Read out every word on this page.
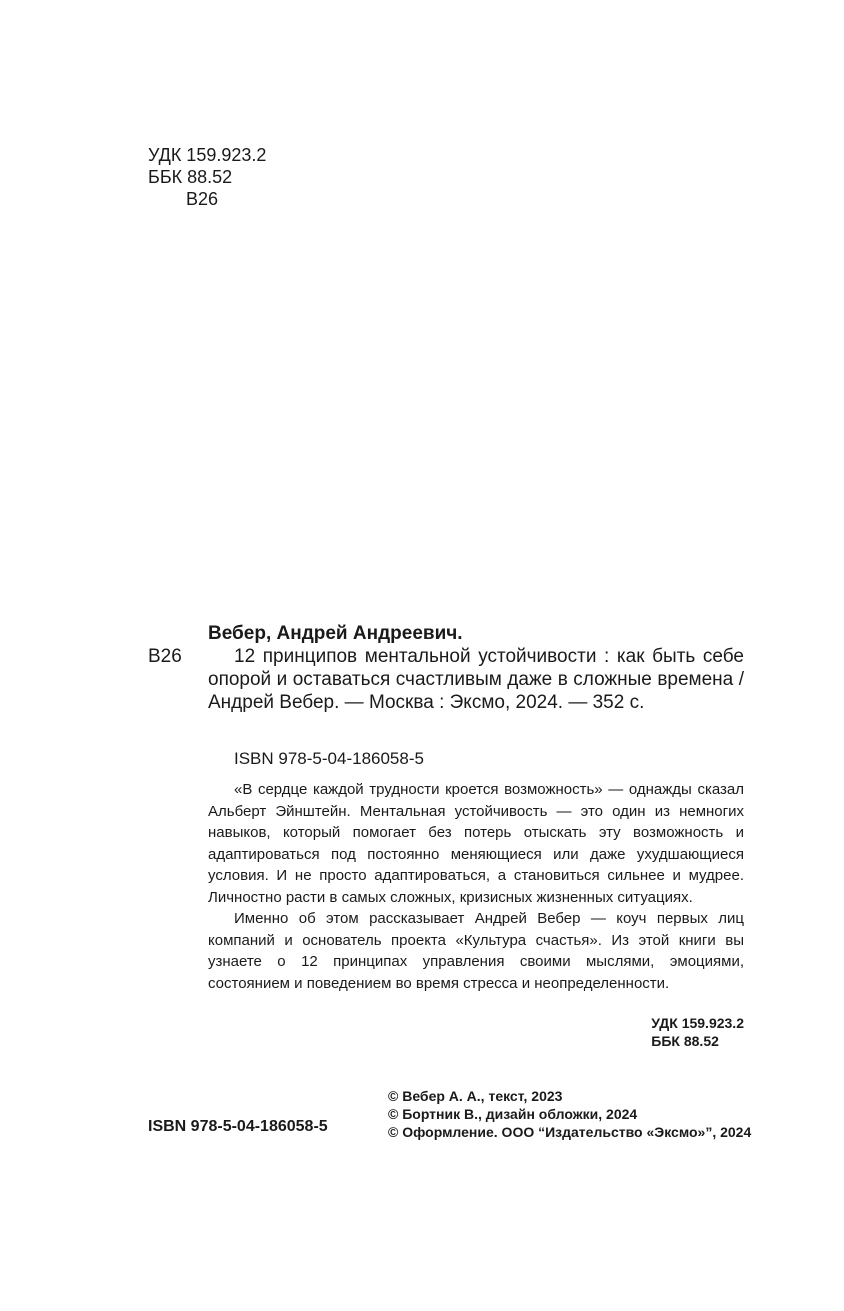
УДК 159.923.2
ББК 88.52
В26
Вебер, Андрей Андреевич.
В26	12 принципов ментальной устойчивости : как быть себе опорой и оставаться счастливым даже в сложные времена / Андрей Вебер. — Москва : Эксмо, 2024. — 352 с.

ISBN 978-5-04-186058-5

«В сердце каждой трудности кроется возможность» — однажды сказал Альберт Эйнштейн. Ментальная устойчивость — это один из немногих навыков, который помогает без потерь отыскать эту возможность и адаптироваться под постоянно меняющиеся или даже ухудшающиеся условия. И не просто адаптироваться, а становиться сильнее и мудрее. Личностно расти в самых сложных, кризисных жизненных ситуациях.

Именно об этом рассказывает Андрей Вебер — коуч первых лиц компаний и основатель проекта «Культура счастья». Из этой книги вы узнаете о 12 принципах управления своими мыслями, эмоциями, состоянием и поведением во время стресса и неопределенности.

УДК 159.923.2
ББК 88.52
© Вебер А. А., текст, 2023
© Бортник В., дизайн обложки, 2024
© Оформление. ООО “Издательство «Эксмо»”, 2024
ISBN 978-5-04-186058-5
